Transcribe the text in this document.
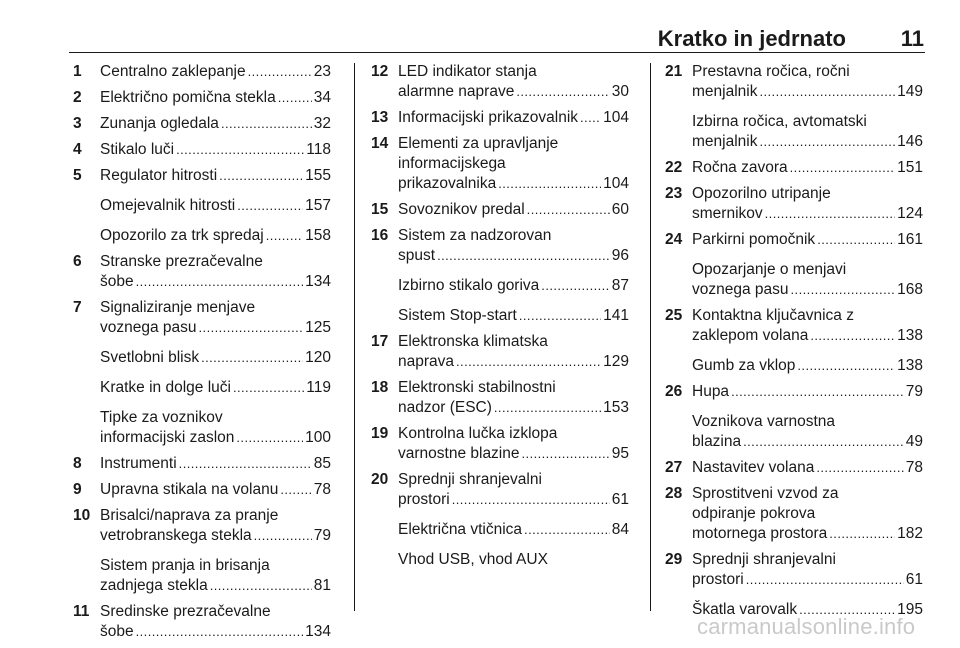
Kratko in jedrnato	11
1	Centralno zaklepanje . . .	23
2	Električno pomična stekla . . . 34
3	Zunanja ogledala . . .	32
4	Stikalo luči . . .	118
5	Regulator hitrosti . . .	155
Omejevalnik hitrosti . . .	157
Opozorilo za trk spredaj . . .	158
6	Stranske prezračevalne
šobe . . .	134
7	Signaliziranje menjave
voznega pasu . . .	125
Svetlobni blisk . . .	120
Kratke in dolge luči . . .	119
Tipke za voznikov
informacijski zaslon . . .	100
8	Instrumenti . . .	85
9	Upravna stikala na volanu . . . 78
10 Brisalci/naprava za pranje
vetrobranskega stekla . . .	79
Sistem pranja in brisanja
zadnjega stekla . . .	81
11 Sredinske prezračevalne
šobe . . .	134
12 LED indikator stanja
alarmne naprave . . .	30
13 Informacijski prikazovalnik . . . 104
14 Elementi za upravljanje
informacijskega
prikazovalnika . . .	104
15 Sovoznikov predal . . .	60
16 Sistem za nadzorovan
spust . . .	96
Izbirno stikalo goriva . . .	87
Sistem Stop-start . . .	141
17 Elektronska klimatska
naprava . . .	129
18 Elektronski stabilnostni
nadzor (ESC) . . .	153
19 Kontrolna lučka izklopa
varnostne blazine . . .	95
20 Sprednji shranjevalni
prostori . . .	61
Električna vtičnica . . .	84
Vhod USB, vhod AUX
21 Prestavna ročica, ročni
menjalnik . . .	149
Izbirna ročica, avtomatski
menjalnik . . .	146
22 Ročna zavora . . .	151
23 Opozorilno utripanje
smernikov . . .	124
24 Parkirni pomočnik . . .	161
Opozarjanje o menjavi
voznega pasu . . .	168
25 Kontaktna ključavnica z
zaklepom volana . . .	138
Gumb za vklop . . .	138
26 Hupa . . .	79
Voznikova varnostna
blazina . . .	49
27 Nastavitev volana . . .	78
28 Sprostitveni vzvod za
odpiranje pokrova
motornega prostora . . .	182
29 Sprednji shranjevalni
prostori . . .	61
Škatla varovalk . . .	195
carmanualsonline.info
